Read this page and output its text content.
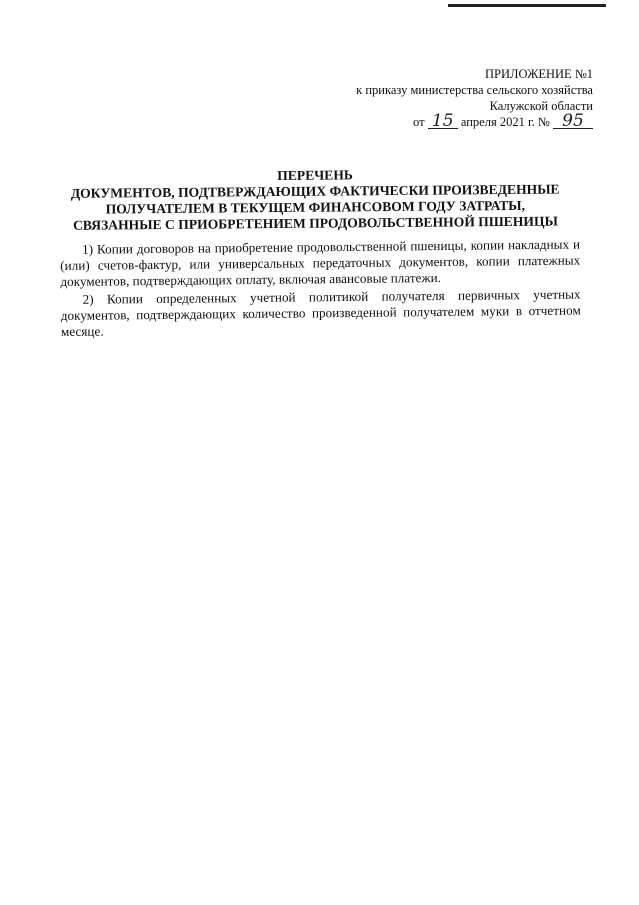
ПРИЛОЖЕНИЕ №1
к приказу министерства сельского хозяйства
Калужской области
от 15 апреля 2021 г. № 95
ПЕРЕЧЕНЬ
ДОКУМЕНТОВ, ПОДТВЕРЖДАЮЩИХ ФАКТИЧЕСКИ ПРОИЗВЕДЕННЫЕ
ПОЛУЧАТЕЛЕМ В ТЕКУЩЕМ ФИНАНСОВОМ ГОДУ ЗАТРАТЫ,
СВЯЗАННЫЕ С ПРИОБРЕТЕНИЕМ ПРОДОВОЛЬСТВЕННОЙ ПШЕНИЦЫ

1) Копии договоров на приобретение продовольственной пшеницы, копии накладных и (или) счетов-фактур, или универсальных передаточных документов, копии платежных документов, подтверждающих оплату, включая авансовые платежи.

2) Копии определенных учетной политикой получателя первичных учетных документов, подтверждающих количество произведенной получателем муки в отчетном месяце.
